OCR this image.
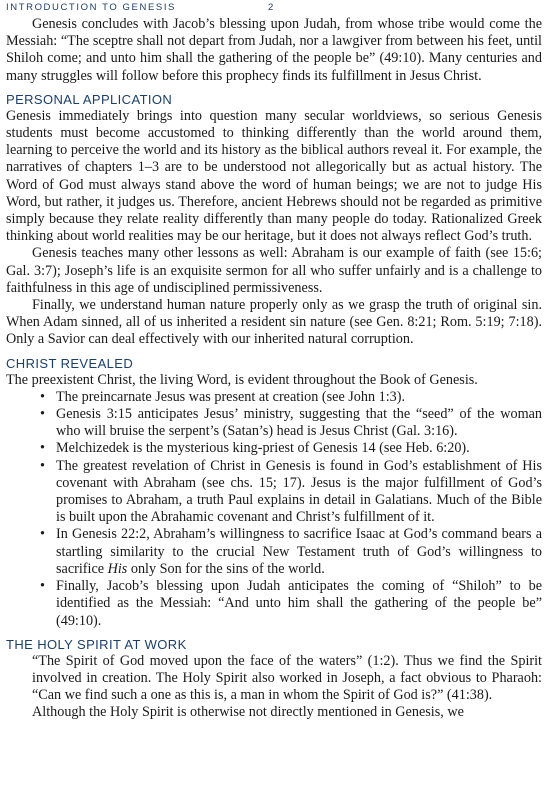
INTRODUCTION TO GENESIS	2

Genesis concludes with Jacob’s blessing upon Judah, from whose tribe would come the Messiah: “The sceptre shall not depart from Judah, nor a lawgiver from between his feet, until Shiloh come; and unto him shall the gathering of the people be” (49:10). Many centuries and many struggles will follow before this prophecy finds its fulfillment in Jesus Christ.

PERSONAL APPLICATION

Genesis immediately brings into question many secular worldviews, so serious Genesis students must become accustomed to thinking differently than the world around them, learning to perceive the world and its history as the biblical authors reveal it. For example, the narratives of chapters 1–3 are to be understood not allegorically but as actual history. The Word of God must always stand above the word of human beings; we are not to judge His Word, but rather, it judges us. Therefore, ancient Hebrews should not be regarded as primitive simply because they relate reality differently than many people do today. Rationalized Greek thinking about world realities may be our heritage, but it does not always reflect God’s truth.

Genesis teaches many other lessons as well: Abraham is our example of faith (see 15:6; Gal. 3:7); Joseph’s life is an exquisite sermon for all who suffer unfairly and is a challenge to faithfulness in this age of undisciplined permissiveness.

Finally, we understand human nature properly only as we grasp the truth of original sin. When Adam sinned, all of us inherited a resident sin nature (see Gen. 8:21; Rom. 5:19; 7:18). Only a Savior can deal effectively with our inherited natural corruption.

CHRIST REVEALED

The preexistent Christ, the living Word, is evident throughout the Book of Genesis.

• The preincarnate Jesus was present at creation (see John 1:3).
• Genesis 3:15 anticipates Jesus’ ministry, suggesting that the “seed” of the woman who will bruise the serpent’s (Satan’s) head is Jesus Christ (Gal. 3:16).
• Melchizedek is the mysterious king-priest of Genesis 14 (see Heb. 6:20).
• The greatest revelation of Christ in Genesis is found in God’s establishment of His covenant with Abraham (see chs. 15; 17). Jesus is the major fulfillment of God’s promises to Abraham, a truth Paul explains in detail in Galatians. Much of the Bible is built upon the Abrahamic covenant and Christ’s fulfillment of it.
• In Genesis 22:2, Abraham’s willingness to sacrifice Isaac at God’s command bears a startling similarity to the crucial New Testament truth of God’s willingness to sacrifice His only Son for the sins of the world.
• Finally, Jacob’s blessing upon Judah anticipates the coming of “Shiloh” to be identified as the Messiah: “And unto him shall the gathering of the people be” (49:10).
THE HOLY SPIRIT AT WORK

“The Spirit of God moved upon the face of the waters” (1:2). Thus we find the Spirit involved in creation. The Holy Spirit also worked in Joseph, a fact obvious to Pharaoh: “Can we find such a one as this is, a man in whom the Spirit of God is?” (41:38).

Although the Holy Spirit is otherwise not directly mentioned in Genesis, we
